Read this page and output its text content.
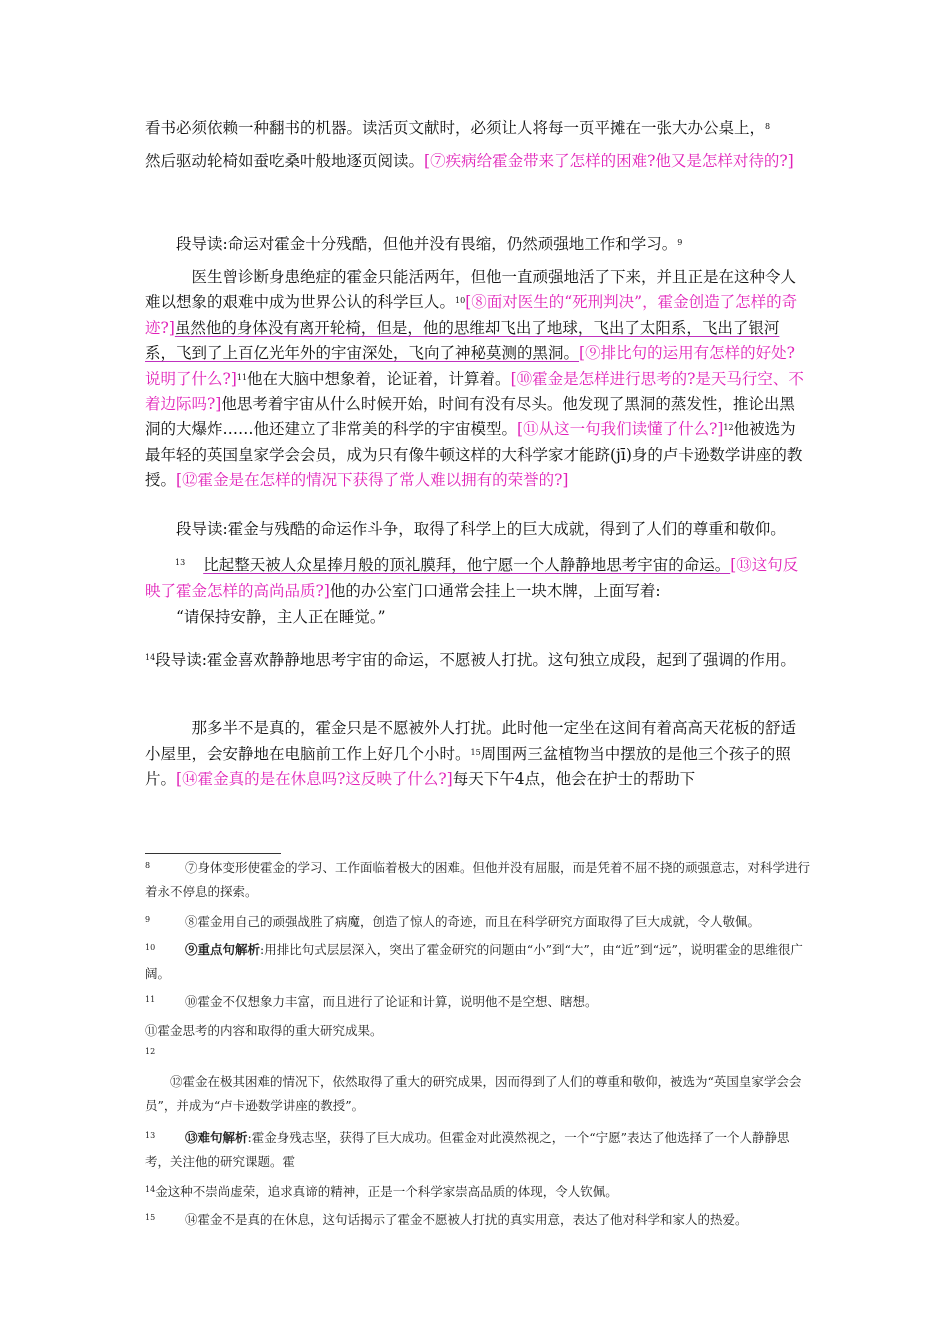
看书必须依赖一种翻书的机器。读活页文献时，必须让人将每一页平摊在一张大办公桌上，$^8$
然后驱动轮椅如蚕吃桑叶般地逐页阅读。[⑦疾病给霍金带来了怎样的困难?他又是怎样对待的?]
段导读:命运对霍金十分残酷，但他并没有畏缩，仍然顽强地工作和学习。$^9$
医生曾诊断身患绝症的霍金只能活两年，但他一直顽强地活了下来，并且正是在这种令人难以想象的艰难中成为世界公认的科学巨人。$^{10}$[⑧面对医生的“死刑判决”，霍金创造了怎样的奇迹?]虽然他的身体没有离开轮椅，但是，他的思维却飞出了地球，飞出了太阳系，飞出了银河系，飞到了上百亿光年外的宇宙深处，飞向了神秘莫测的黑洞。[⑨排比句的运用有怎样的好处?说明了什么?]$^{11}$他在大脑中想象着，论证着，计算着。[⑩霍金是怎样进行思考的?是天马行空、不着边际吗?]他思考着宇宙从什么时候开始，时间有没有尽头。他发现了黑洞的蒸发性，推论出黑洞的大爆炸……他还建立了非常美的科学的宇宙模型。[⑪从这一句我们读懂了什么?]$^{12}$他被选为最年轻的英国皇家学会会员，成为只有像牛顿这样的大科学家才能跻(jī)身的卢卡逊数学讲座的教授。[⑫霍金是在怎样的情况下获得了常人难以拥有的荣誉的?]
段导读:霍金与残酷的命运作斗争，取得了科学上的巨大成就，得到了人们的尊重和敬仰。
$^{13}$ 比起整天被人众星捧月般的顶礼膜拜，他宁愿一个人静静地思考宇宙的命运。[⑬这句反映了霍金怎样的高尚品质?]他的办公室门口通常会挂上一块木牌，上面写着:
“请保持安静，主人正在睡觉。”
$^{14}$段导读:霍金喜欢静静地思考宇宙的命运，不愿被人打扰。这句独立成段，起到了强调的作用。
那多半不是真的，霍金只是不愿被外人打扰。此时他一定坐在这间有着高高天花板的舒适小屋里，会安静地在电脑前工作上好几个小时。$^{15}$周围两三盆植物当中摆放的是他三个孩子的照片。[⑭霍金真的是在休息吗?这反映了什么?]每天下午4点，他会在护士的帮助下
8	⑦身体变形使霍金的学习、工作面临着极大的困难。但他并没有屈服，而是凭着不屈不挠的顽强意志，对科学进行着永不停息的探索。
9	⑧霍金用自己的顽强战胜了病魔，创造了惊人的奇迹，而且在科学研究方面取得了巨大成就，令人敬佩。
10 ⑨重点句解析:用排比句式层层深入，突出了霍金研究的问题由“小”到“大”，由“近”到“远”，说明霍金的思维很广阔。
11 ⑩霍金不仅想象力丰富，而且进行了论证和计算，说明他不是空想、瞎想。
⑪霍金思考的内容和取得的重大研究成果。
12
⑫霍金在极其困难的情况下，依然取得了重大的研究成果，因而得到了人们的尊重和敬仰，被选为“英国皇家学会会员”，并成为“卢卡逊数学讲座的教授”。
13 ⑬难句解析:霍金身残志坚，获得了巨大成功。但霍金对此漠然视之，一个“宁愿”表达了他选择了一个人静静思考，关注他的研究课题。霍
14金这种不崇尚虚荣，追求真谛的精神，正是一个科学家崇高品质的体现，令人钦佩。
15 ⑭霍金不是真的在休息，这句话揭示了霍金不愿被人打扰的真实用意，表达了他对科学和家人的热爱。
